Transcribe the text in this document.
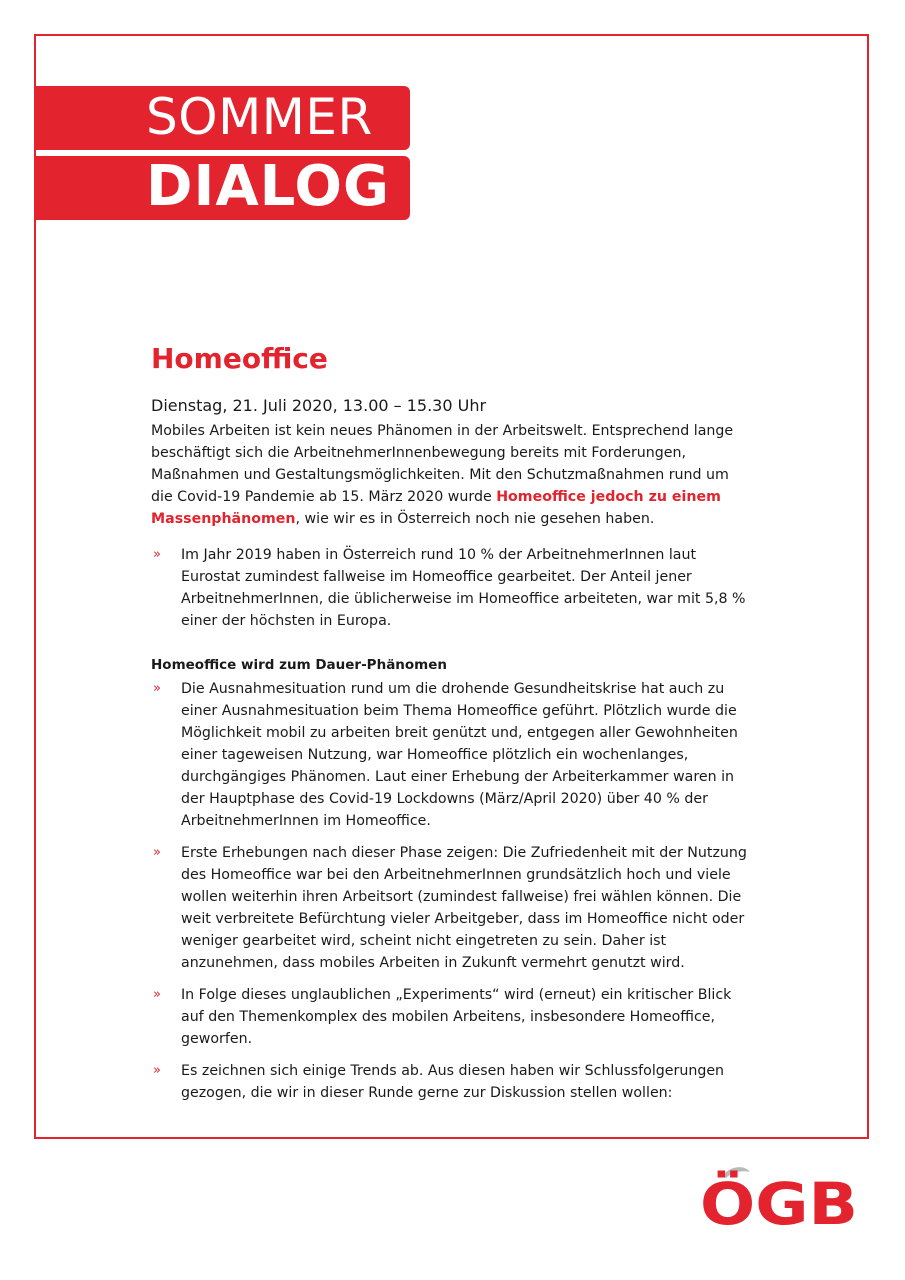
SOMMER
DIALOG
Homeoffice
Dienstag, 21. Juli 2020, 13.00 – 15.30 Uhr

Mobiles Arbeiten ist kein neues Phänomen in der Arbeitswelt. Entsprechend lange beschäftigt sich die ArbeitnehmerInnenbewegung bereits mit Forderungen, Maßnahmen und Gestaltungsmöglichkeiten. Mit den Schutzmaßnahmen rund um die Covid-19 Pandemie ab 15. März 2020 wurde Homeoffice jedoch zu einem Massenphänomen, wie wir es in Österreich noch nie gesehen haben.

» Im Jahr 2019 haben in Österreich rund 10 % der ArbeitnehmerInnen laut Eurostat zumindest fallweise im Homeoffice gearbeitet. Der Anteil jener ArbeitnehmerInnen, die üblicherweise im Homeoffice arbeiteten, war mit 5,8 % einer der höchsten in Europa.
Homeoffice wird zum Dauer-Phänomen
» Die Ausnahmesituation rund um die drohende Gesundheitskrise hat auch zu einer Ausnahmesituation beim Thema Homeoffice geführt. Plötzlich wurde die Möglichkeit mobil zu arbeiten breit genützt und, entgegen aller Gewohnheiten einer tageweisen Nutzung, war Homeoffice plötzlich ein wochenlanges, durchgängiges Phänomen. Laut einer Erhebung der Arbeiterkammer waren in der Hauptphase des Covid-19 Lockdowns (März/April 2020) über 40 % der ArbeitnehmerInnen im Homeoffice.
» Erste Erhebungen nach dieser Phase zeigen: Die Zufriedenheit mit der Nutzung des Homeoffice war bei den ArbeitnehmerInnen grundsätzlich hoch und viele wollen weiterhin ihren Arbeitsort (zumindest fallweise) frei wählen können. Die weit verbreitete Befürchtung vieler Arbeitgeber, dass im Homeoffice nicht oder weniger gearbeitet wird, scheint nicht eingetreten zu sein. Daher ist anzunehmen, dass mobiles Arbeiten in Zukunft vermehrt genutzt wird.
» In Folge dieses unglaublichen „Experiments“ wird (erneut) ein kritischer Blick auf den Themenkomplex des mobilen Arbeitens, insbesondere Homeoffice, geworfen.
» Es zeichnen sich einige Trends ab. Aus diesen haben wir Schlussfolgerungen gezogen, die wir in dieser Runde gerne zur Diskussion stellen wollen:
ÖGB
